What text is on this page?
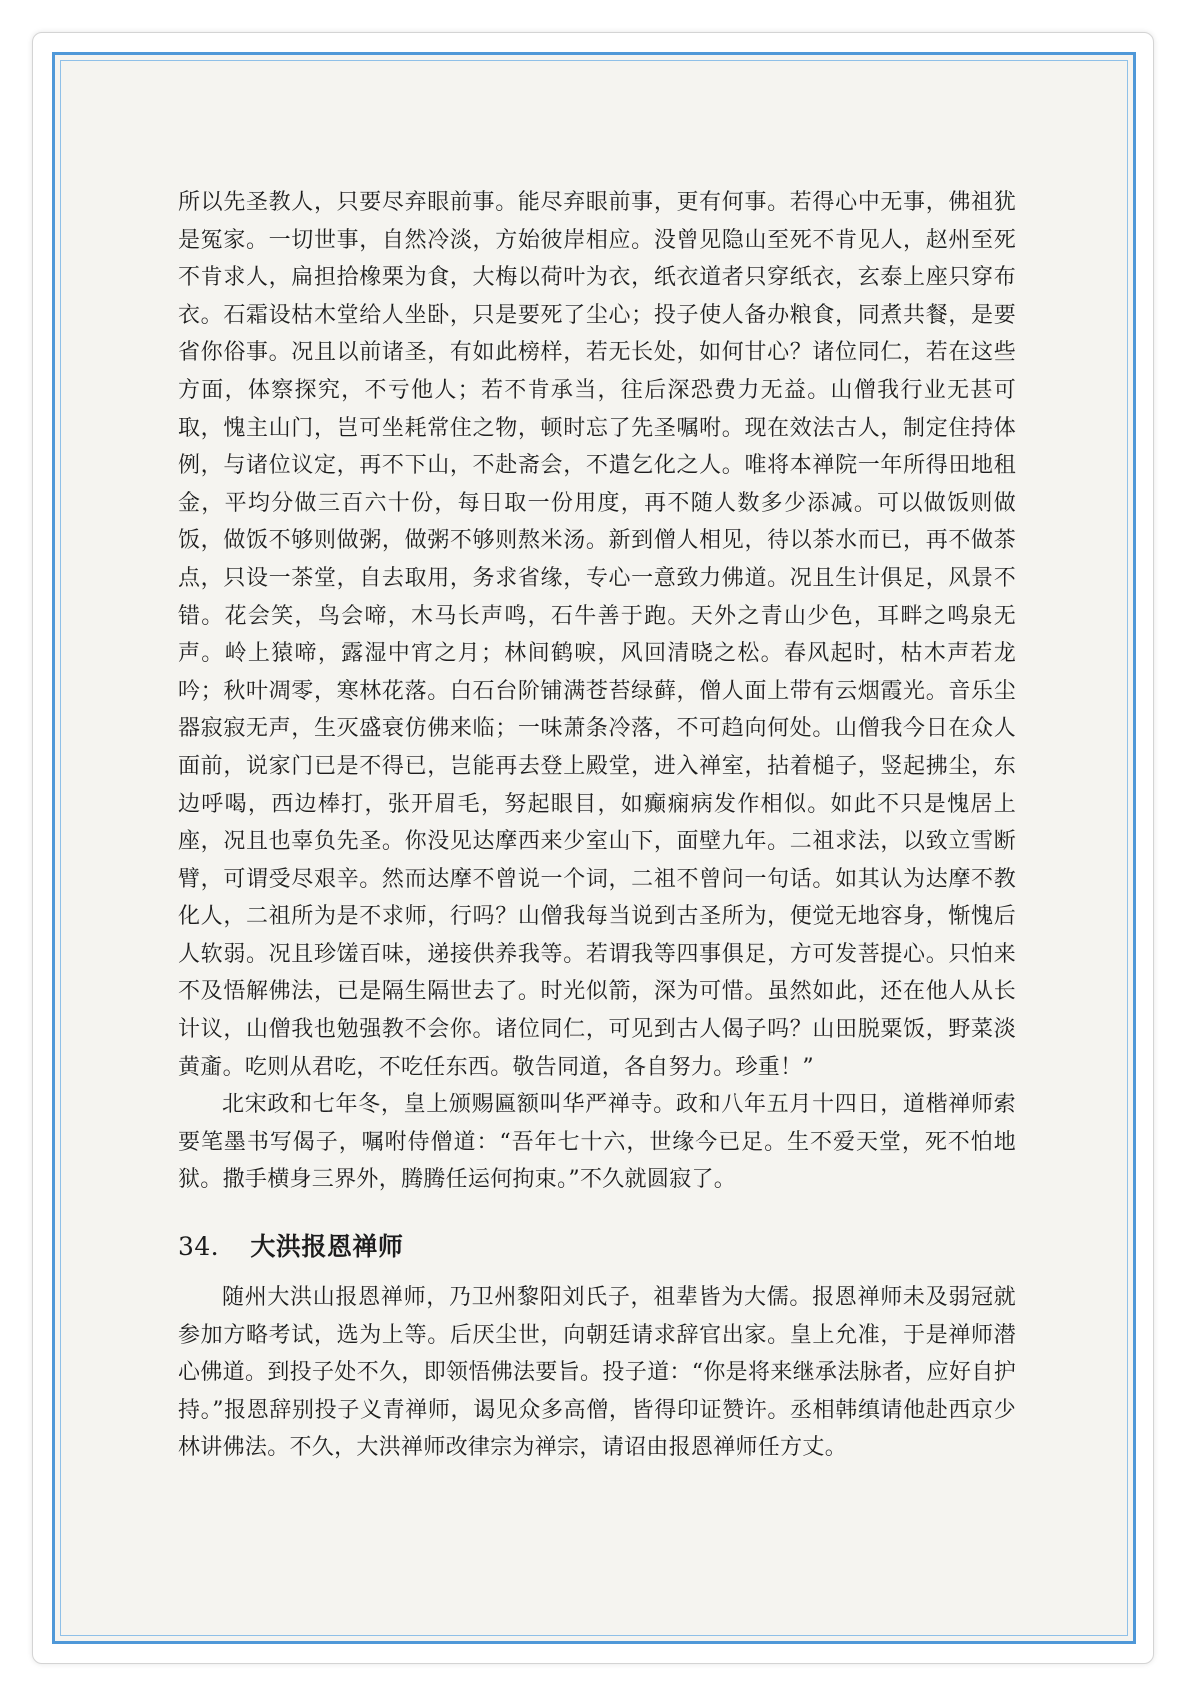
所以先圣教人，只要尽弃眼前事。能尽弃眼前事，更有何事。若得心中无事，佛祖犹是冤家。一切世事，自然冷淡，方始彼岸相应。没曾见隐山至死不肯见人，赵州至死不肯求人，扁担拾橡栗为食，大梅以荷叶为衣，纸衣道者只穿纸衣，玄泰上座只穿布衣。石霜设枯木堂给人坐卧，只是要死了尘心；投子使人备办粮食，同煮共餐，是要省你俗事。况且以前诸圣，有如此榜样，若无长处，如何甘心？诸位同仁，若在这些方面，体察探究，不亏他人；若不肯承当，往后深恐费力无益。山僧我行业无甚可取，愧主山门，岂可坐耗常住之物，顿时忘了先圣嘱咐。现在效法古人，制定住持体例，与诸位议定，再不下山，不赴斋会，不遣乞化之人。唯将本禅院一年所得田地租金，平均分做三百六十份，每日取一份用度，再不随人数多少添减。可以做饭则做饭，做饭不够则做粥，做粥不够则熬米汤。新到僧人相见，待以茶水而已，再不做茶点，只设一茶堂，自去取用，务求省缘，专心一意致力佛道。况且生计俱足，风景不错。花会笑，鸟会啼，木马长声鸣，石牛善于跑。天外之青山少色，耳畔之鸣泉无声。岭上猿啼，露湿中宵之月；林间鹤唳，风回清晓之松。春风起时，枯木声若龙吟；秋叶凋零，寒林花落。白石台阶铺满苍苔绿藓，僧人面上带有云烟霞光。音乐尘器寂寂无声，生灭盛衰仿佛来临；一味萧条冷落，不可趋向何处。山僧我今日在众人面前，说家门已是不得已，岂能再去登上殿堂，进入禅室，拈着槌子，竖起拂尘，东边呼喝，西边棒打，张开眉毛，努起眼目，如癫痫病发作相似。如此不只是愧居上座，况且也辜负先圣。你没见达摩西来少室山下，面壁九年。二祖求法，以致立雪断臂，可谓受尽艰辛。然而达摩不曾说一个词，二祖不曾问一句话。如其认为达摩不教化人，二祖所为是不求师，行吗？山僧我每当说到古圣所为，便觉无地容身，惭愧后人软弱。况且珍馐百味，递接供养我等。若谓我等四事俱足，方可发菩提心。只怕来不及悟解佛法，已是隔生隔世去了。时光似箭，深为可惜。虽然如此，还在他人从长计议，山僧我也勉强教不会你。诸位同仁，可见到古人偈子吗？山田脱粟饭，野菜淡黄齑。吃则从君吃，不吃任东西。敬告同道，各自努力。珍重！”

北宋政和七年冬，皇上颁赐匾额叫华严禅寺。政和八年五月十四日，道楷禅师索要笔墨书写偈子，嘱咐侍僧道：“吾年七十六，世缘今已足。生不爱天堂，死不怕地狱。撒手横身三界外，腾腾任运何拘束。”不久就圆寂了。

34． 大洪报恩禅师

随州大洪山报恩禅师，乃卫州黎阳刘氏子，祖辈皆为大儒。报恩禅师未及弱冠就参加方略考试，选为上等。后厌尘世，向朝廷请求辞官出家。皇上允准，于是禅师潜心佛道。到投子处不久，即领悟佛法要旨。投子道：“你是将来继承法脉者，应好自护持。”报恩辞别投子义青禅师，谒见众多高僧，皆得印证赞许。丞相韩缜请他赴西京少林讲佛法。不久，大洪禅师改律宗为禅宗，请诏由报恩禅师任方丈。
